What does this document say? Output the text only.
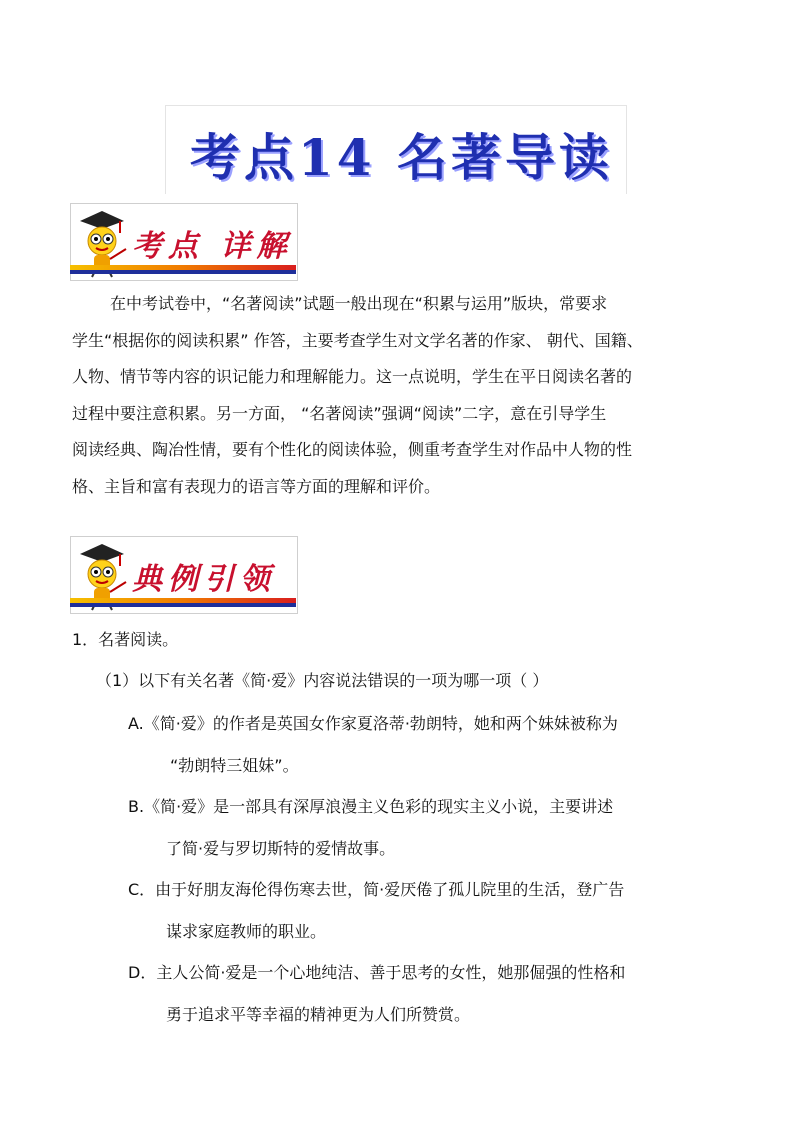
考点14 名著导读
考点 详解

在中考试卷中，“名著阅读”试题一般出现在“积累与运用”版块，常要求

学生“根据你的阅读积累” 作答，主要考查学生对文学名著的作家、 朝代、国籍、

人物、情节等内容的识记能力和理解能力。这一点说明，学生在平日阅读名著的

过程中要注意积累。另一方面， “名著阅读”强调“阅读”二字，意在引导学生

阅读经典、陶冶性情，要有个性化的阅读体验，侧重考查学生对作品中人物的性

格、主旨和富有表现力的语言等方面的理解和评价。

典例引领
1．名著阅读。
（1）以下有关名著《简·爱》内容说法错误的一项为哪一项（ ）
A.《简·爱》的作者是英国女作家夏洛蒂·勃朗特，她和两个妹妹被称为
“勃朗特三姐妹”。
B.《简·爱》是一部具有深厚浪漫主义色彩的现实主义小说，主要讲述
了简·爱与罗切斯特的爱情故事。
C．由于好朋友海伦得伤寒去世，简·爱厌倦了孤儿院里的生活，登广告
谋求家庭教师的职业。
D．主人公简·爱是一个心地纯洁、善于思考的女性，她那倔强的性格和
勇于追求平等幸福的精神更为人们所赞赏。
